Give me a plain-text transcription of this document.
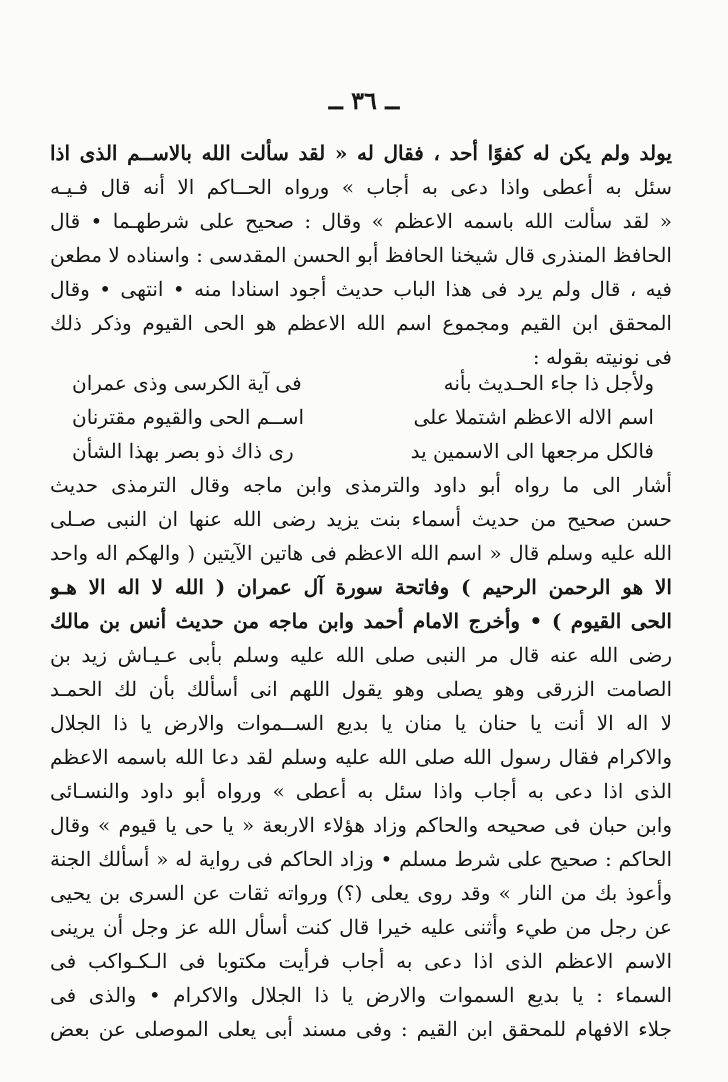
ــ ٣٦ ــ
يولد ولم يكن له كفوًا أحد ، فقال له « لقد سألت الله بالاســم الذى اذا
سئل به أعطى واذا دعى به أجاب » ورواه الحــاكم الا أنه قال فـيـه
« لقد سألت الله باسمه الاعظم » وقال : صحيح على شرطهـما • قال
الحافظ المنذرى قال شيخنا الحافظ أبو الحسن المقدسى : واسناده لا مطعن
فيه ، قال ولم يرد فى هذا الباب حديث أجود اسنادا منه • انتهى • وقال
المحقق ابن القيم ومجموع اسم الله الاعظم هو الحى القيوم وذكر ذلك
فى نونيته بقوله :
ولأجل ذا جاء الحـديث بأنه
فى آية الكرسى وذى عمران
اسم الاله الاعظم اشتملا على
اســم الحى والقيوم مقترنان
فالكل مرجعها الى الاسمين يد
رى ذاك ذو بصر بهذا الشأن
أشار الى ما رواه أبو داود والترمذى وابن ماجه وقال الترمذى حديث
حسن صحيح من حديث أسماء بنت يزيد رضى الله عنها ان النبى صـلى
الله عليه وسلم قال « اسم الله الاعظم فى هاتين الآيتين ( والهكم اله واحد
الا هو الرحمن الرحيم ) وفاتحة سورة آل عمران ( الله لا اله الا هـو
الحى القيوم ) • وأخرج الامام أحمد وابن ماجه من حديث أنس بن مالك
رضى الله عنه قال مر النبى صلى الله عليه وسلم بأبى عـيـاش زيد بن
الصامت الزرقى وهو يصلى وهو يقول اللهم انى أسألك بأن لك الحمـد
لا اله الا أنت يا حنان يا منان يا بديع الســموات والارض يا ذا الجلال
والاكرام فقال رسول الله صلى الله عليه وسلم لقد دعا الله باسمه الاعظم
الذى اذا دعى به أجاب واذا سئل به أعطى » ورواه أبو داود والنسـائى
وابن حبان فى صحيحه والحاكم وزاد هؤلاء الاربعة « يا حى يا قيوم » وقال
الحاكم : صحيح على شرط مسلم • وزاد الحاكم فى رواية له « أسألك الجنة
وأعوذ بك من النار » وقد روى يعلى (؟) ورواته ثقات عن السرى بن يحيى
عن رجل من طيء وأثنى عليه خيرا قال كنت أسأل الله عز وجل أن يرينى
الاسم الاعظم الذى اذا دعى به أجاب فرأيت مكتوبا فى الـكـواكب فى
السماء : يا بديع السموات والارض يا ذا الجلال والاكرام • والذى فى
جلاء الافهام للمحقق ابن القيم : وفى مسند أبى يعلى الموصلى عن بعض
